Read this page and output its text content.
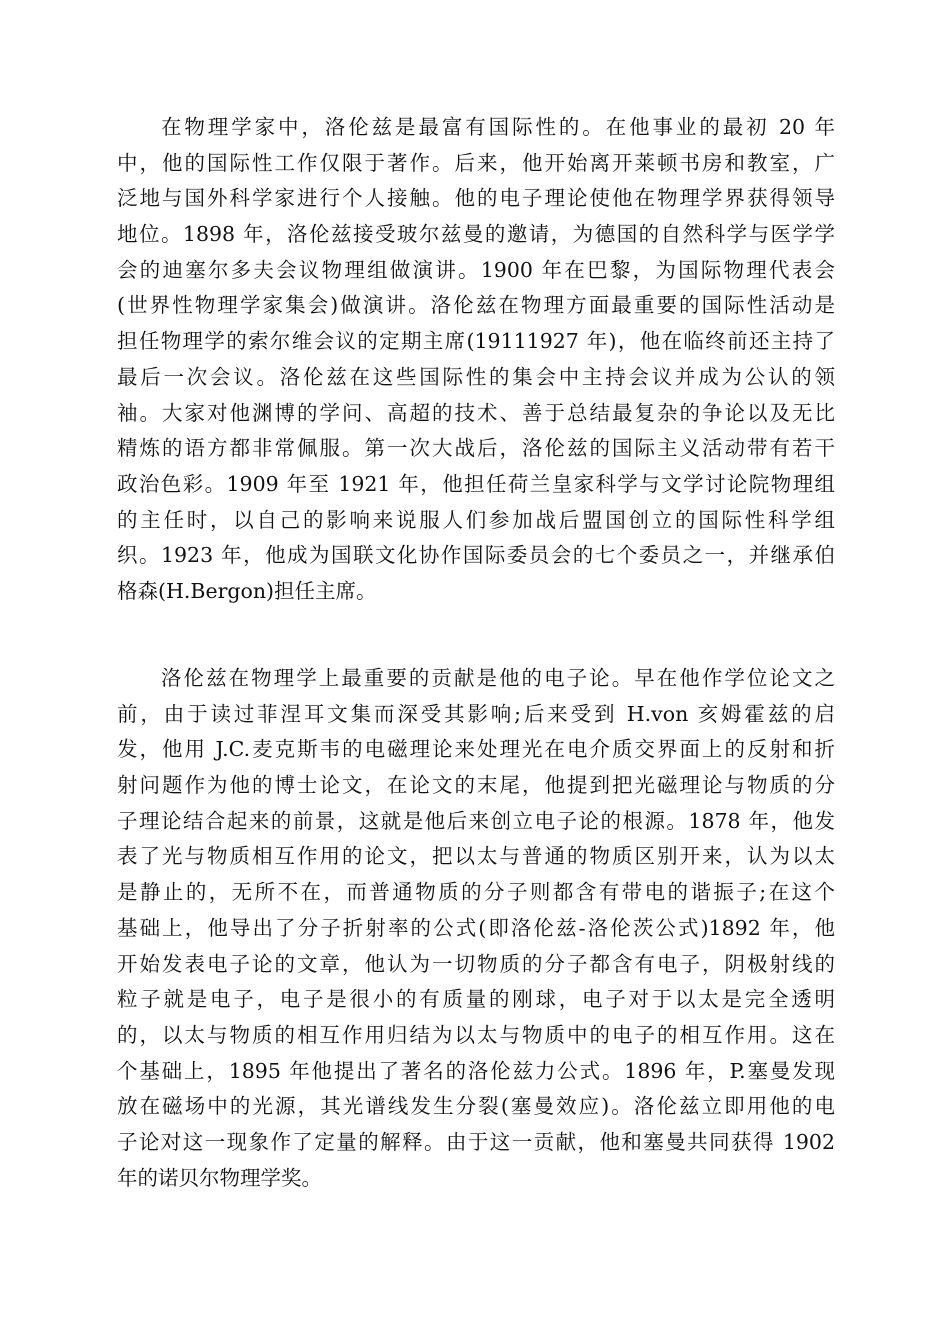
在物理学家中，洛伦兹是最富有国际性的。在他事业的最初 20 年
中，他的国际性工作仅限于著作。后来，他开始离开莱顿书房和教室，广
泛地与国外科学家进行个人接触。他的电子理论使他在物理学界获得领导
地位。1898 年，洛伦兹接受玻尔兹曼的邀请，为德国的自然科学与医学学
会的迪塞尔多夫会议物理组做演讲。1900 年在巴黎，为国际物理代表会
(世界性物理学家集会)做演讲。洛伦兹在物理方面最重要的国际性活动是
担任物理学的索尔维会议的定期主席(19111927 年)，他在临终前还主持了
最后一次会议。洛伦兹在这些国际性的集会中主持会议并成为公认的领
袖。大家对他渊博的学问、高超的技术、善于总结最复杂的争论以及无比
精炼的语方都非常佩服。第一次大战后，洛伦兹的国际主义活动带有若干
政治色彩。1909 年至 1921 年，他担任荷兰皇家科学与文学讨论院物理组
的主任时，以自己的影响来说服人们参加战后盟国创立的国际性科学组
织。1923 年，他成为国联文化协作国际委员会的七个委员之一，并继承伯
格森(H.Bergon)担任主席。
洛伦兹在物理学上最重要的贡献是他的电子论。早在他作学位论文之
前，由于读过菲涅耳文集而深受其影响;后来受到 H.von 亥姆霍兹的启
发，他用 J.C.麦克斯韦的电磁理论来处理光在电介质交界面上的反射和折
射问题作为他的博士论文，在论文的末尾，他提到把光磁理论与物质的分
子理论结合起来的前景，这就是他后来创立电子论的根源。1878 年，他发
表了光与物质相互作用的论文，把以太与普通的物质区别开来，认为以太
是静止的，无所不在，而普通物质的分子则都含有带电的谐振子;在这个
基础上，他导出了分子折射率的公式(即洛伦兹-洛伦茨公式)1892 年，他
开始发表电子论的文章，他认为一切物质的分子都含有电子，阴极射线的
粒子就是电子，电子是很小的有质量的刚球，电子对于以太是完全透明
的，以太与物质的相互作用归结为以太与物质中的电子的相互作用。这在
个基础上，1895 年他提出了著名的洛伦兹力公式。1896 年，P.塞曼发现
放在磁场中的光源，其光谱线发生分裂(塞曼效应)。洛伦兹立即用他的电
子论对这一现象作了定量的解释。由于这一贡献，他和塞曼共同获得 1902
年的诺贝尔物理学奖。
